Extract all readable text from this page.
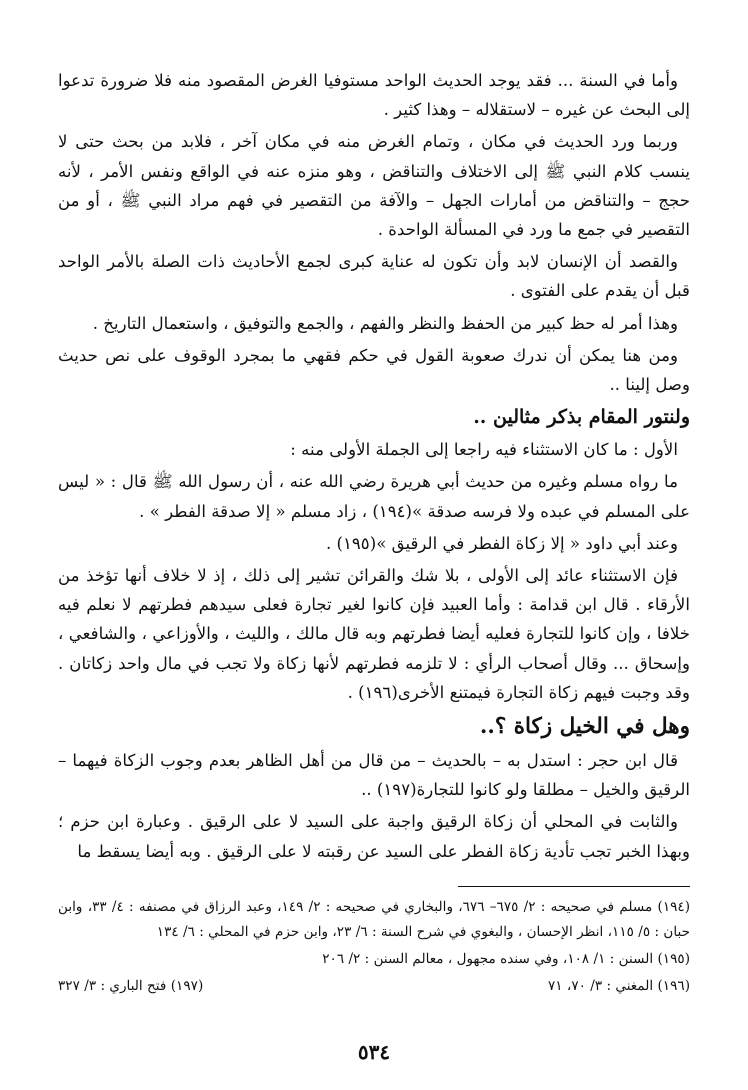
وأما في السنة ... فقد يوجد الحديث الواحد مستوفيا الغرض المقصود منه فلا ضرورة تدعوا إلى البحث عن غيره – لاستقلاله – وهذا كثير .

وربما ورد الحديث في مكان ، وتمام الغرض منه في مكان آخر ، فلابد من بحث حتى لا ينسب كلام النبي ﷺ إلى الاختلاف والتناقض ، وهو منزه عنه في الواقع ونفس الأمر ، لأنه حجج – والتناقض من أمارات الجهل – والآفة من التقصير في فهم مراد النبي ﷺ ، أو من التقصير في جمع ما ورد في المسألة الواحدة .

والقصد أن الإنسان لابد وأن تكون له عناية كبرى لجمع الأحاديث ذات الصلة بالأمر الواحد قبل أن يقدم على الفتوى .

وهذا أمر له حظ كبير من الحفظ والنظر والفهم ، والجمع والتوفيق ، واستعمال التاريخ .

ومن هنا يمكن أن ندرك صعوبة القول في حكم فقهي ما بمجرد الوقوف على نص حديث وصل إلينا ..

ولنتور المقام بذكر مثالين ..

الأول : ما كان الاستثناء فيه راجعا إلى الجملة الأولى منه :

ما رواه مسلم وغيره من حديث أبي هريرة رضي الله عنه ، أن رسول الله ﷺ قال : « ليس على المسلم في عبده ولا فرسه صدقة »(١٩٤) ، زاد مسلم « إلا صدقة الفطر » .

وعند أبي داود « إلا زكاة الفطر في الرقيق »(١٩٥) .

فإن الاستثناء عائد إلى الأولى ، بلا شك والقرائن تشير إلى ذلك ، إذ لا خلاف أنها تؤخذ من الأرقاء . قال ابن قدامة : وأما العبيد فإن كانوا لغير تجارة فعلى سيدهم فطرتهم لا نعلم فيه خلافا ، وإن كانوا للتجارة فعليه أيضا فطرتهم وبه قال مالك ، والليث ، والأوزاعي ، والشافعي ، وإسحاق ... وقال أصحاب الرأي : لا تلزمه فطرتهم لأنها زكاة ولا تجب في مال واحد زكاتان . وقد وجبت فيهم زكاة التجارة فيمتنع الأخرى(١٩٦) .

وهل في الخيل زكاة ؟..

قال ابن حجر : استدل به – بالحديث – من قال من أهل الظاهر بعدم وجوب الزكاة فيهما – الرقيق والخيل – مطلقا ولو كانوا للتجارة(١٩٧) ..

والثابت في المحلي أن زكاة الرقيق واجبة على السيد لا على الرقيق . وعبارة ابن حزم ؛ وبهذا الخبر تجب تأدية زكاة الفطر على السيد عن رقبته لا على الرقيق . وبه أيضا يسقط ما

(١٩٤) مسلم في صحيحه : ٢/ ٦٧٥– ٦٧٦، والبخاري في صحيحه : ٢/ ١٤٩، وعبد الرزاق في مصنفه : ٤/ ٣٣، وابن حبان : ٥/ ١١٥، انظر الإحسان ، والبغوي في شرح السنة : ٦/ ٢٣، وابن حزم في المحلي : ٦/ ١٣٤

(١٩٥) السنن : ١/ ١٠٨، وفي سنده مجهول ، معالم السنن : ٢/ ٢٠٦

(١٩٦) المغني : ٣/ ٧٠، ٧١
(١٩٧) فتح الباري : ٣/ ٣٢٧
٥٣٤
